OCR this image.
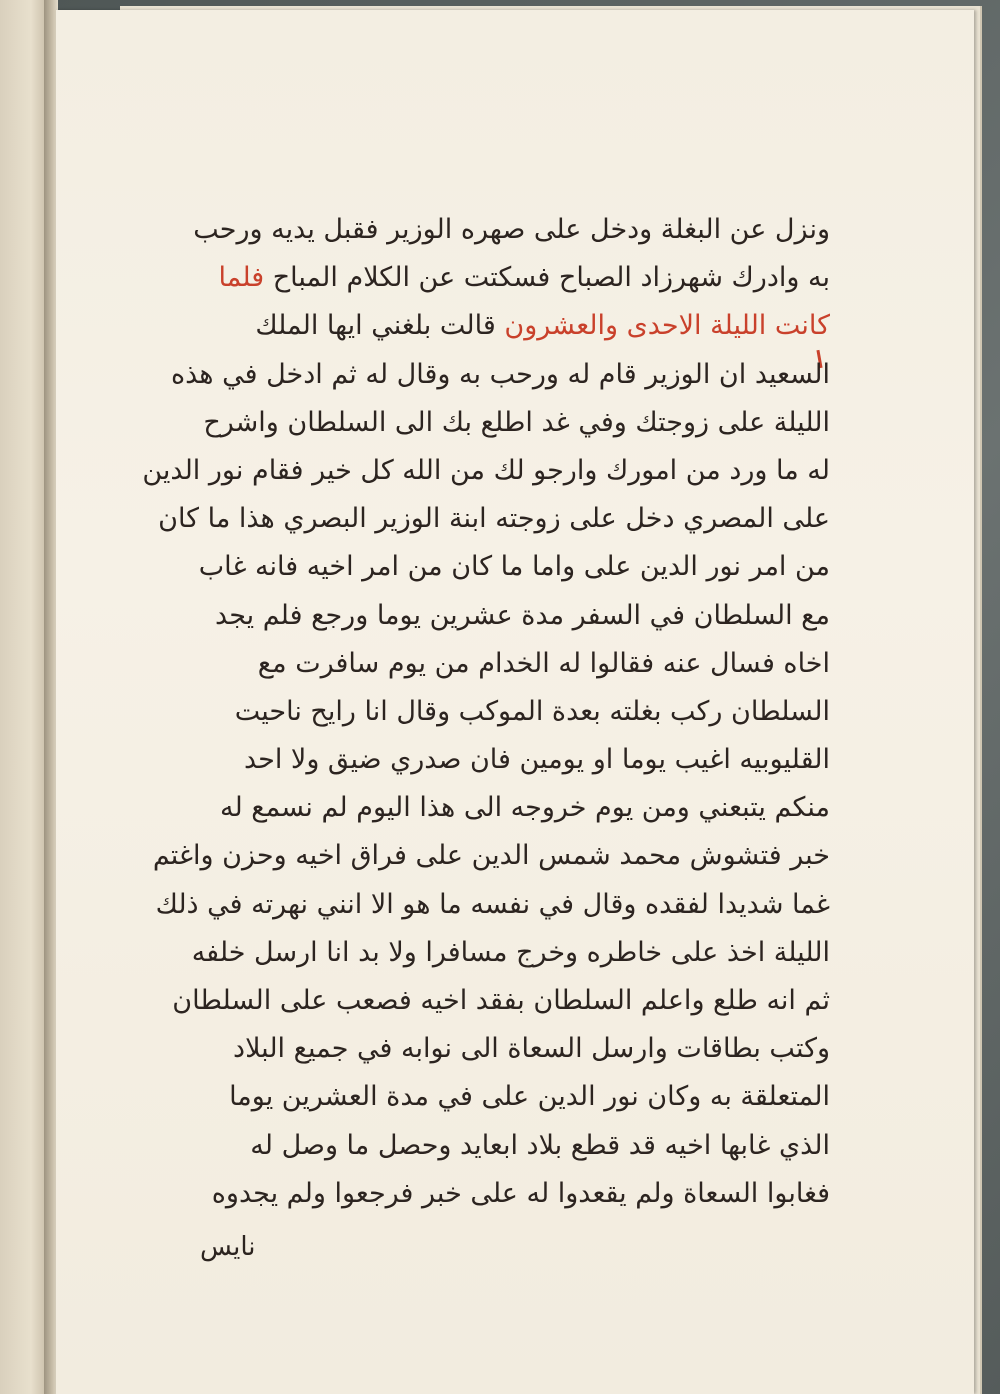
ونزل عن البغلة ودخل على صهره الوزير فقبل يديه ورحب
به وادرك شهرزاد الصباح فسكتت عن الكلام المباح فلما
كانت الليلة الاحدى والعشرون قالت بلغني ايها الملك
السعيد ان الوزير قام له ورحب به وقال له ثم ادخل في هذه
الليلة على زوجتك وفي غد اطلع بك الى السلطان واشرح
له ما ورد من امورك وارجو لك من الله كل خير فقام نور الدين
على المصري دخل على زوجته ابنة الوزير البصري هذا ما كان
من امر نور الدين على واما ما كان من امر اخيه فانه غاب
مع السلطان في السفر مدة عشرين يوما ورجع فلم يجد
اخاه فسال عنه فقالوا له الخدام من يوم سافرت مع
السلطان ركب بغلته بعدة الموكب وقال انا رايح ناحيت
القليوبيه اغيب يوما او يومين فان صدري ضيق ولا احد
منكم يتبعني ومن يوم خروجه الى هذا اليوم لم نسمع له
خبر فتشوش محمد شمس الدين على فراق اخيه وحزن واغتم
غما شديدا لفقده وقال في نفسه ما هو الا انني نهرته في ذلك
الليلة اخذ على خاطره وخرج مسافرا ولا بد انا ارسل خلفه
ثم انه طلع واعلم السلطان بفقد اخيه فصعب على السلطان
وكتب بطاقات وارسل السعاة الى نوابه في جميع البلاد
المتعلقة به وكان نور الدين على في مدة العشرين يوما
الذي غابها اخيه قد قطع بلاد ابعايد وحصل ما وصل له
فغابوا السعاة ولم يقعدوا له على خبر فرجعوا ولم يجدوه
نايس
